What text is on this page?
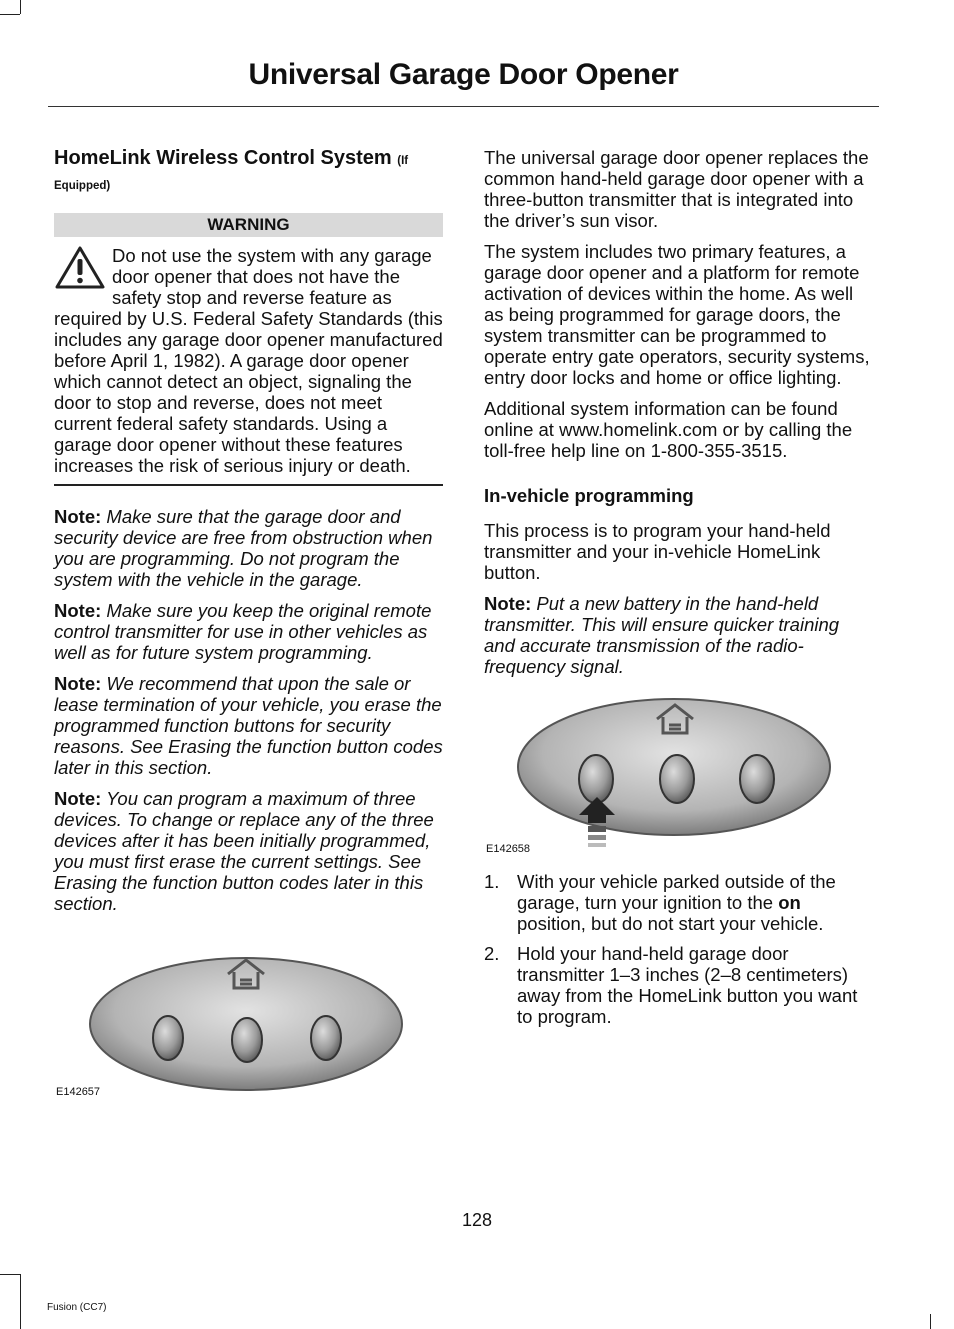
Universal Garage Door Opener
HomeLink Wireless Control System (If Equipped)
WARNING
Do not use the system with any garage door opener that does not have the safety stop and reverse feature as required by U.S. Federal Safety Standards (this includes any garage door opener manufactured before April 1, 1982). A garage door opener which cannot detect an object, signaling the door to stop and reverse, does not meet current federal safety standards. Using a garage door opener without these features increases the risk of serious injury or death.

Note: Make sure that the garage door and security device are free from obstruction when you are programming. Do not program the system with the vehicle in the garage.

Note: Make sure you keep the original remote control transmitter for use in other vehicles as well as for future system programming.

Note: We recommend that upon the sale or lease termination of your vehicle, you erase the programmed function buttons for security reasons. See Erasing the function button codes later in this section.

Note: You can program a maximum of three devices. To change or replace any of the three devices after it has been initially programmed, you must first erase the current settings. See Erasing the function button codes later in this section.

E142657

The universal garage door opener replaces the common hand-held garage door opener with a three-button transmitter that is integrated into the driver’s sun visor.

The system includes two primary features, a garage door opener and a platform for remote activation of devices within the home. As well as being programmed for garage doors, the system transmitter can be programmed to operate entry gate operators, security systems, entry door locks and home or office lighting.

Additional system information can be found online at www.homelink.com or by calling the toll-free help line on 1-800-355-3515.

In-vehicle programming

This process is to program your hand-held transmitter and your in-vehicle HomeLink button.

Note: Put a new battery in the hand-held transmitter. This will ensure quicker training and accurate transmission of the radio-frequency signal.

E142658
1. With your vehicle parked outside of the garage, turn your ignition to the on position, but do not start your vehicle.
2. Hold your hand-held garage door transmitter 1–3 inches (2–8 centimeters) away from the HomeLink button you want to program.
128
Fusion (CC7)
